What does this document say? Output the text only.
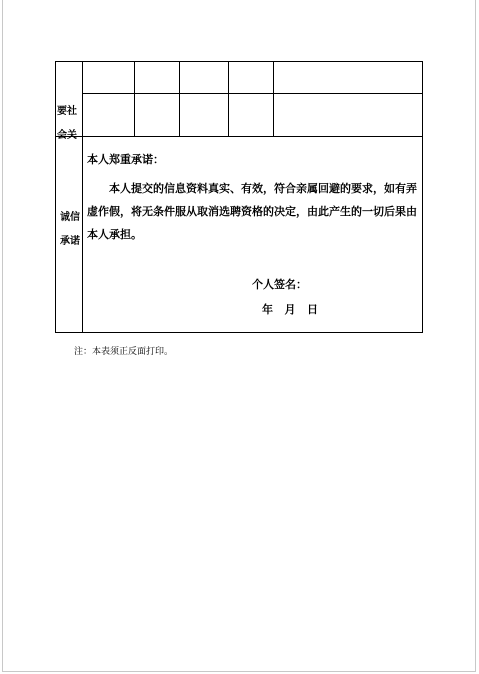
要社
会关
诚信
承诺
本人郑重承诺：
本人提交的信息资料真实、有效，符合亲属回避的要求，如有弄虚作假，将无条件服从取消选聘资格的决定，由此产生的一切后果由本人承担。
个人签名：
年   月   日
注：本表须正反面打印。
